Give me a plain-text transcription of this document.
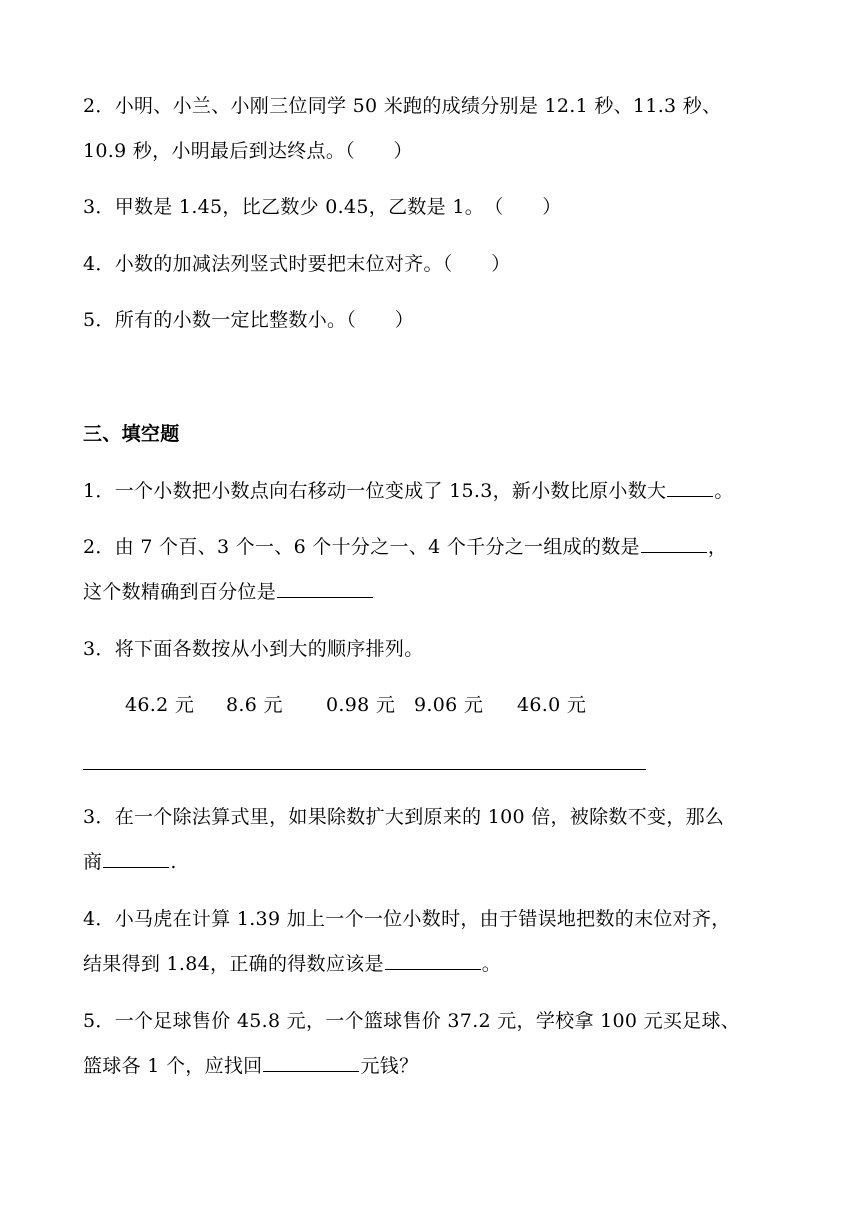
2．小明、小兰、小刚三位同学 50 米跑的成绩分别是 12.1 秒、11.3 秒、
10.9 秒，小明最后到达终点。（　　）
3．甲数是 1.45，比乙数少 0.45，乙数是 1。　（　　）
4．小数的加减法列竖式时要把末位对齐。（　　）
5．所有的小数一定比整数小。（　　）
三、填空题
1．一个小数把小数点向右移动一位变成了 15.3，新小数比原小数大	。
2．由 7 个百、3 个一、6 个十分之一、4 个千分之一组成的数是	，
这个数精确到百分位是
3．将下面各数按从小到大的顺序排列。
46.2 元 8.6 元 0.98 元 9.06 元 46.0 元
3．在一个除法算式里，如果除数扩大到原来的 100 倍，被除数不变，那么
商	.
4．小马虎在计算 1.39 加上一个一位小数时，由于错误地把数的末位对齐，
结果得到 1.84，正确的得数应该是	。
5．一个足球售价 45.8 元，一个篮球售价 37.2 元，学校拿 100 元买足球、
篮球各 1 个，应找回	元钱？
